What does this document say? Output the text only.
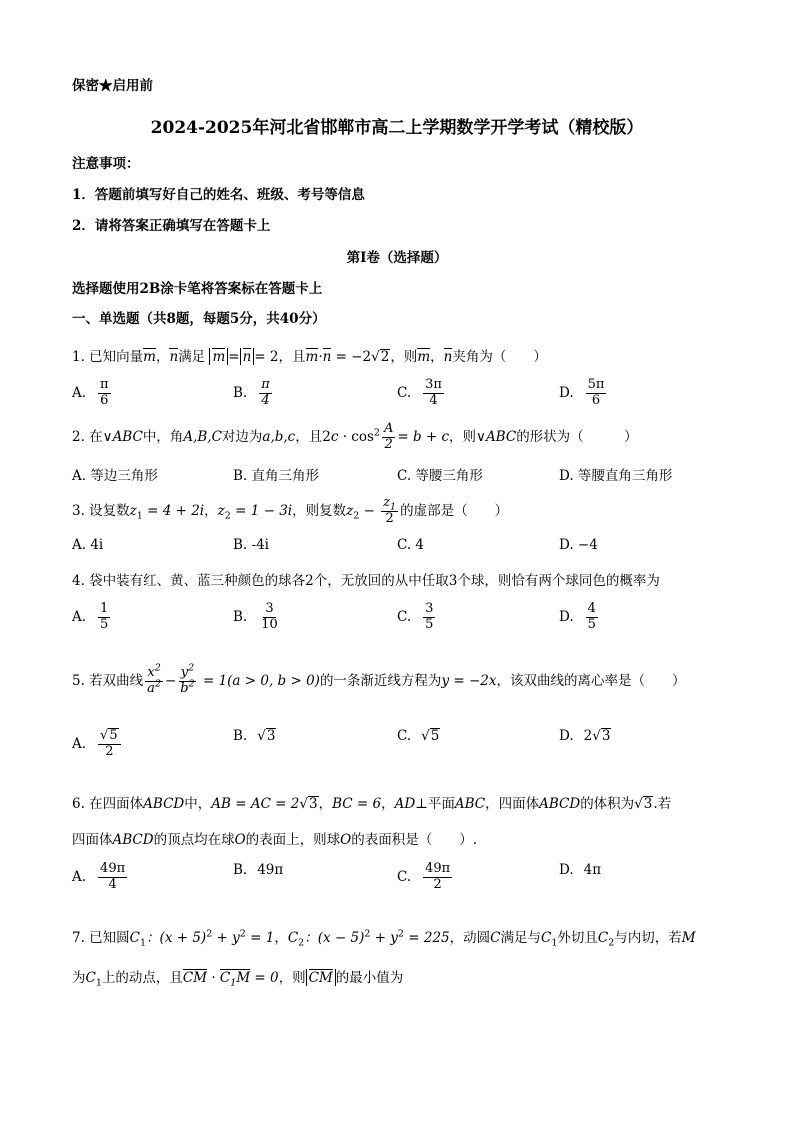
保密★启用前
2024-2025年河北省邯郸市高二上学期数学开学考试（精校版）
注意事项：
1．答题前填写好自己的姓名、班级、考号等信息
2．请将答案正确填写在答题卡上
第I卷（选择题）
选择题使用2B涂卡笔将答案标在答题卡上
一、单选题（共8题，每题5分，共40分）
1. 已知向量m，n满足 m = n = 2，且m·n = −2√2，则m，n夹角为（　　）
A. $\frac{\pi}{6}$	B. $\frac{\pi}{4}$	C. $\frac{3\pi}{4}$	D. $\frac{5\pi}{6}$
2. 在∨ABC中，角A,B,C对边为a,b,c，且$2c \cdot \cos^2 \frac{A}{2} = b + c$，则∨ABC的形状为（　　　）
A. 等边三角形	B. 直角三角形	C. 等腰三角形	D. 等腰直角三角形
3. 设复数$z_1 = 4 + 2i$，$z_2 = 1 - 3i$，则复数$z_2 - \frac{z_1}{2}$ 的虚部是（　　）
A. 4i	B. -4i	C. 4	D. −4
4. 袋中装有红、黄、蓝三种颜色的球各2个，无放回的从中任取3个球，则恰有两个球同色的概率为
A. $\frac{1}{5}$	B. $\frac{3}{10}$	C. $\frac{3}{5}$	D. $\frac{4}{5}$
5. 若双曲线 $\frac{x^2}{a^2} - \frac{y^2}{b^2} = 1(a > 0$, b > 0)的一条渐近线方程为y = −2x，该双曲线的离心率是（　　）
A. $\frac{√5}{2}$	B. √ 3	C. √ 5	D. 2 √ 3
6. 在四面体ABCD中，AB = AC = 2√3，BC = 6，AD⊥平面ABC，四面体ABCD的体积为√3.若
四面体ABCD的顶点均在球O的表面上，则球O的表面积是（　　）.
A. $\frac{49\pi}{4}$	B. 49π	C. $\frac{49\pi}{2}$	D. 4π
7. 已知圆$C_1$：$(x + 5)^2 + y^2 = 1$，$C_2$：$(x - 5)^2 + y^2 = 225$，动圆C满足与$C_1$外切且$C_2$与内切，若M
为$C_1$上的动点，且CM · $C_1M = 0$，则 CM 的最小值为
